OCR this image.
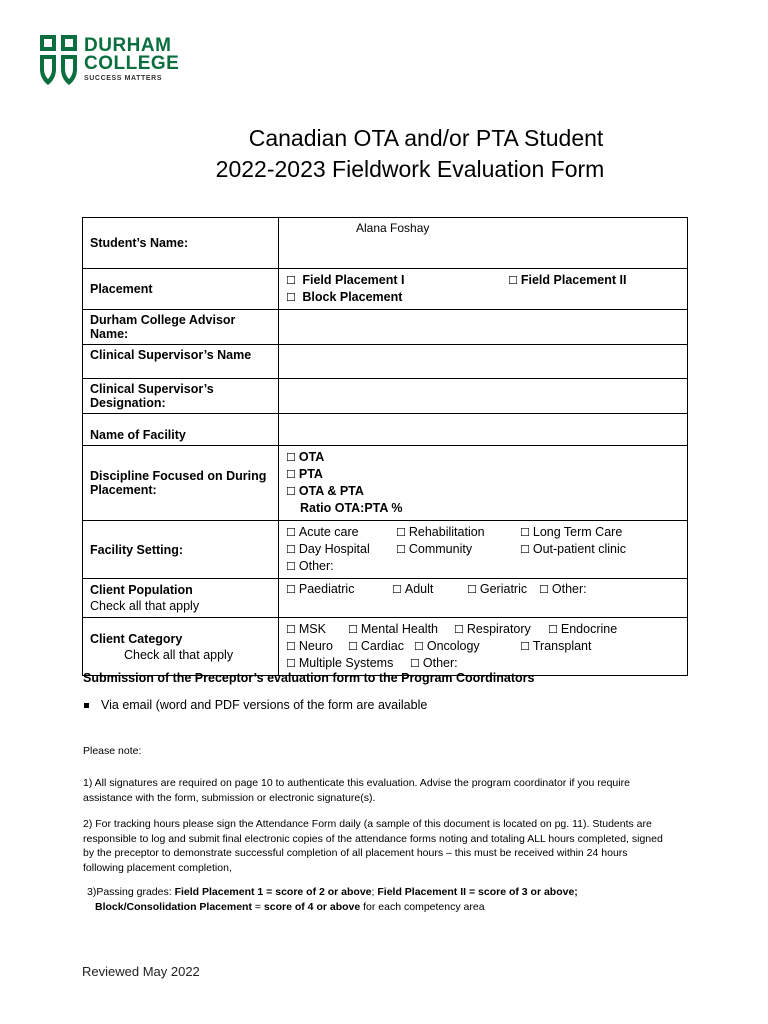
DURHAM
COLLEGE
SUCCESS MATTERS
Canadian OTA and/or PTA Student
2022-2023 Fieldwork Evaluation Form
Student’s Name:	Alana Foshay
Placement	☐ Field Placement I ☐ Field Placement II
☐ Block Placement
Durham College Advisor Name:	
Clinical Supervisor’s Name	
Clinical Supervisor’s Designation:	
Name of Facility	
Discipline Focused on During Placement:	☐ OTA
☐ PTA
☐ OTA & PTA
Ratio OTA:PTA %
Facility Setting:	☐ Acute care ☐ Rehabilitation ☐ Long Term Care
☐ Day Hospital ☐ Community ☐ Out-patient clinic
☐ Other:
Client Population
Check all that apply	☐ Paediatric ☐ Adult ☐ Geriatric ☐ Other:
Client Category
Check all that apply	☐ MSK ☐ Mental Health ☐ Respiratory ☐ Endocrine
☐ Neuro ☐ Cardiac ☐ Oncology ☐ Transplant
☐ Multiple Systems ☐ Other:
Submission of the Preceptor’s evaluation form to the Program Coordinators
Via email (word and PDF versions of the form are available
Please note:
1) All signatures are required on page 10 to authenticate this evaluation. Advise the program coordinator if you require assistance with the form, submission or electronic signature(s).
2) For tracking hours please sign the Attendance Form daily (a sample of this document is located on pg. 11). Students are responsible to log and submit final electronic copies of the attendance forms noting and totaling ALL hours completed, signed by the preceptor to demonstrate successful completion of all placement hours – this must be received within 24 hours following placement completion,
3)Passing grades: Field Placement 1 = score of 2 or above; Field Placement II = score of 3 or above;
Block/Consolidation Placement = score of 4 or above for each competency area
Reviewed May 2022
